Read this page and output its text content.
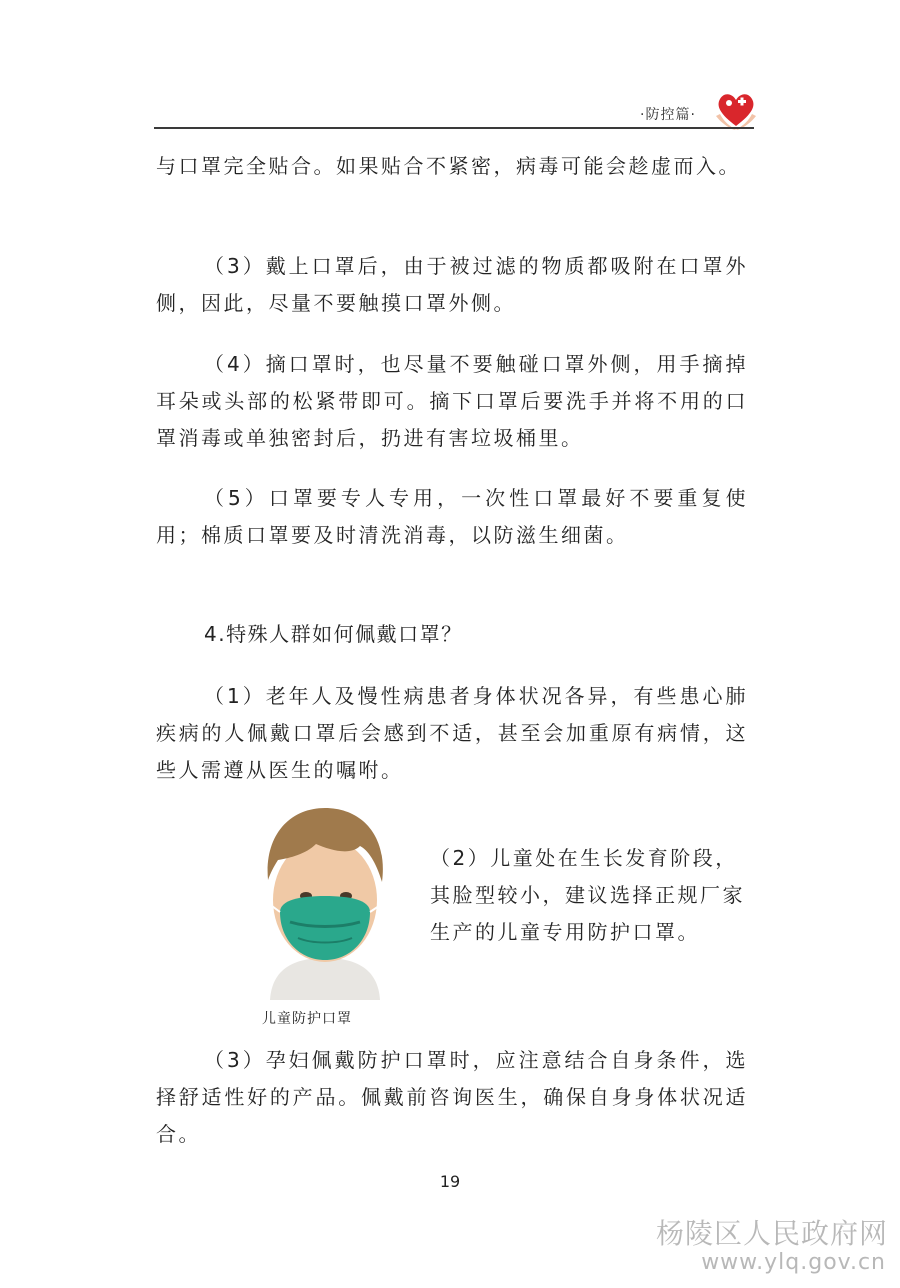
·防控篇·

与口罩完全贴合。如果贴合不紧密，病毒可能会趁虚而入。

（3）戴上口罩后，由于被过滤的物质都吸附在口罩外侧，因此，尽量不要触摸口罩外侧。

（4）摘口罩时，也尽量不要触碰口罩外侧，用手摘掉耳朵或头部的松紧带即可。摘下口罩后要洗手并将不用的口罩消毒或单独密封后，扔进有害垃圾桶里。

（5）口罩要专人专用，一次性口罩最好不要重复使用；棉质口罩要及时清洗消毒，以防滋生细菌。

4.特殊人群如何佩戴口罩？

（1）老年人及慢性病患者身体状况各异，有些患心肺疾病的人佩戴口罩后会感到不适，甚至会加重原有病情，这些人需遵从医生的嘱咐。

儿童防护口罩

（2）儿童处在生长发育阶段，其脸型较小，建议选择正规厂家生产的儿童专用防护口罩。

（3）孕妇佩戴防护口罩时，应注意结合自身条件，选择舒适性好的产品。佩戴前咨询医生，确保自身身体状况适合。

19
杨陵区人民政府网
www.ylq.gov.cn
